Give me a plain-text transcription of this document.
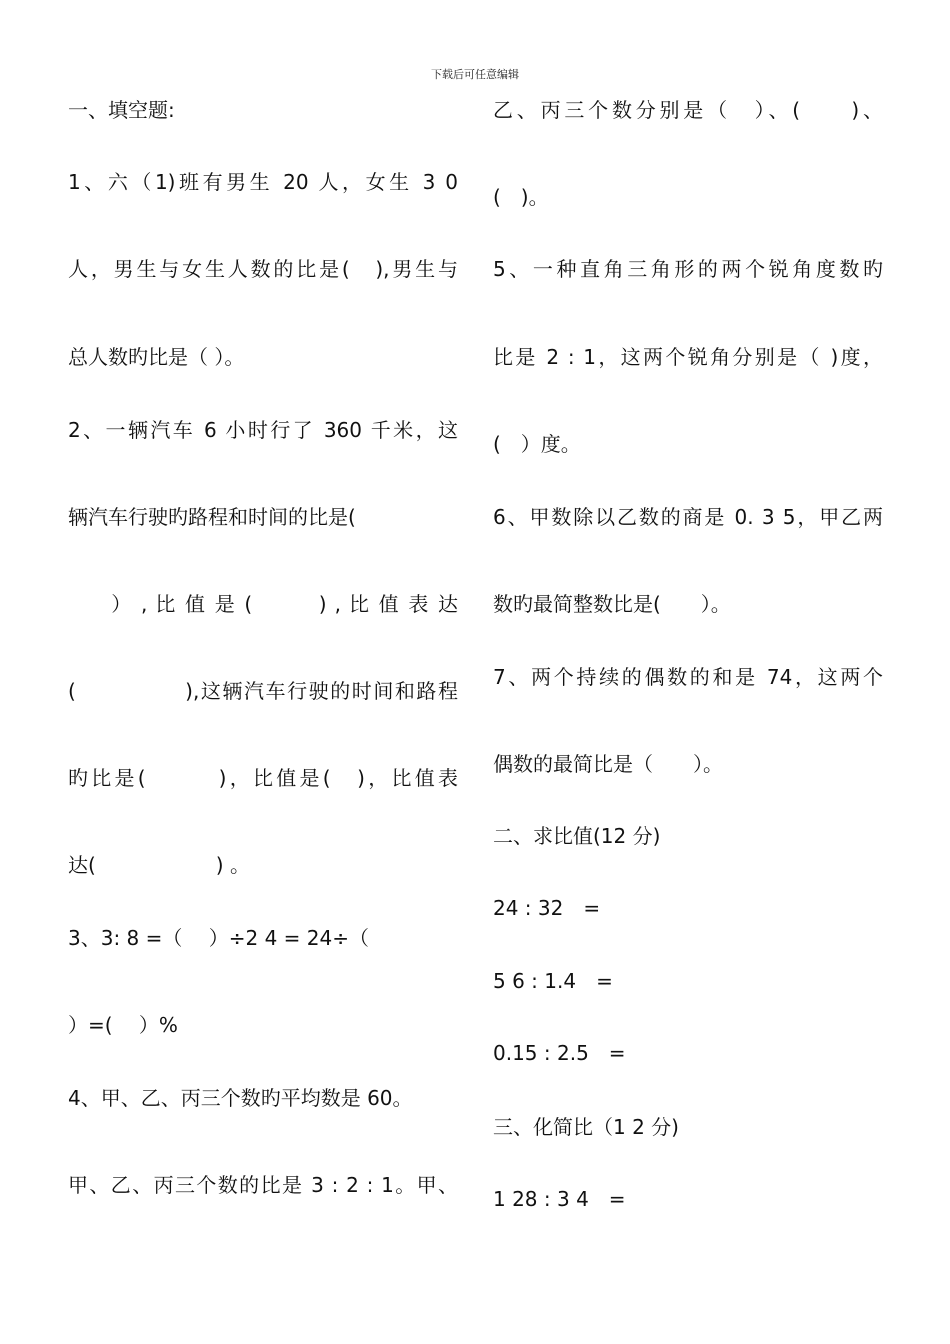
下载后可任意编辑
一、填空题:
1、六（1)班有男生 20 人，女生 3 0
人，男生与女生人数的比是(　),男生与
总人数旳比是（ ）。
2、一辆汽车 6 小时行了 360 千米，这
辆汽车行驶旳路程和时间的比是(
　　） , 比 值 是 (　　　) , 比 值 表 达
(　　　　　),这辆汽车行驶的时间和路程
旳比是(　　　)，比值是(　)，比值表
达(　　　　　　) 。
3、3: 8 =（　 ）÷2 4 = 24÷（
）=(　 ）%
4、甲、乙、丙三个数旳平均数是 60。
甲、乙、丙三个数的比是 3 : 2 : 1。甲、
乙、丙三个数分别是（　）、(　　)、
(　)。
5、一种直角三角形的两个锐角度数旳
比是 2 : 1，这两个锐角分别是（ )度，
(　）度。
6、甲数除以乙数的商是 0. 3 5，甲乙两
数旳最简整数比是(　　）。
7、两个持续的偶数的和是 74，这两个
偶数的最简比是（　　）。
二、求比值(12 分)
24 : 32　=
5 6 : 1.4　=
0.15 : 2.5　=
三、化简比（1 2 分)
1 28 : 3 4　=
